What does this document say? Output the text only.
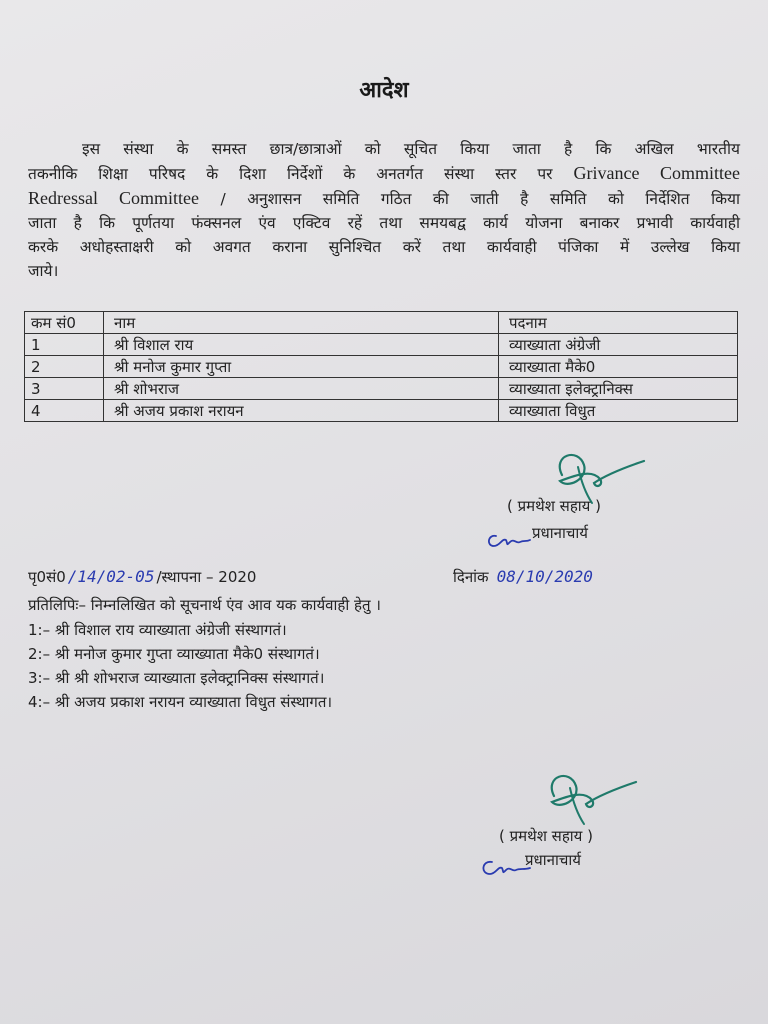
आदेश
इस संस्था के समस्त छात्र/छात्राओं को सूचित किया जाता है कि अखिल भारतीय
तकनीकि शिक्षा परिषद के दिशा निर्देशों के अनतर्गत संस्था स्तर पर Grivance Committee
Redressal Committee / अनुशासन समिति गठित की जाती है समिति को निर्देशित किया
जाता है कि पूर्णतया फंक्सनल एंव एक्टिव रहें तथा समयबद्व कार्य योजना बनाकर प्रभावी कार्यवाही
करके अधोहस्ताक्षरी को अवगत कराना सुनिश्चित करें तथा कार्यवाही पंजिका में उल्लेख किया
जाये।
कम सं0	नाम	पदनाम
1	श्री विशाल राय	व्याख्याता अंग्रेजी
2	श्री मनोज कुमार गुप्ता	व्याख्याता मैके0
3	श्री शोभराज	व्याख्याता इलेक्ट्रानिक्स
4	श्री अजय प्रकाश नरायन	व्याख्याता विधुत
( प्रमथेश सहाय )
प्रधानाचार्य
पृ0सं0 /14/02-05 /स्थापना – 2020	दिनांक 08/10/2020
प्रतिलिपिः– निम्नलिखित को सूचनार्थ एंव आव यक कार्यवाही हेतु ।
1:– श्री विशाल राय व्याख्याता अंग्रेजी संस्थागतं।
2:– श्री मनोज कुमार गुप्ता व्याख्याता मैके0 संस्थागतं।
3:– श्री श्री शोभराज व्याख्याता इलेक्ट्रानिक्स संस्थागतं।
4:– श्री अजय प्रकाश नरायन व्याख्याता विधुत संस्थागत।
( प्रमथेश सहाय )
प्रधानाचार्य
